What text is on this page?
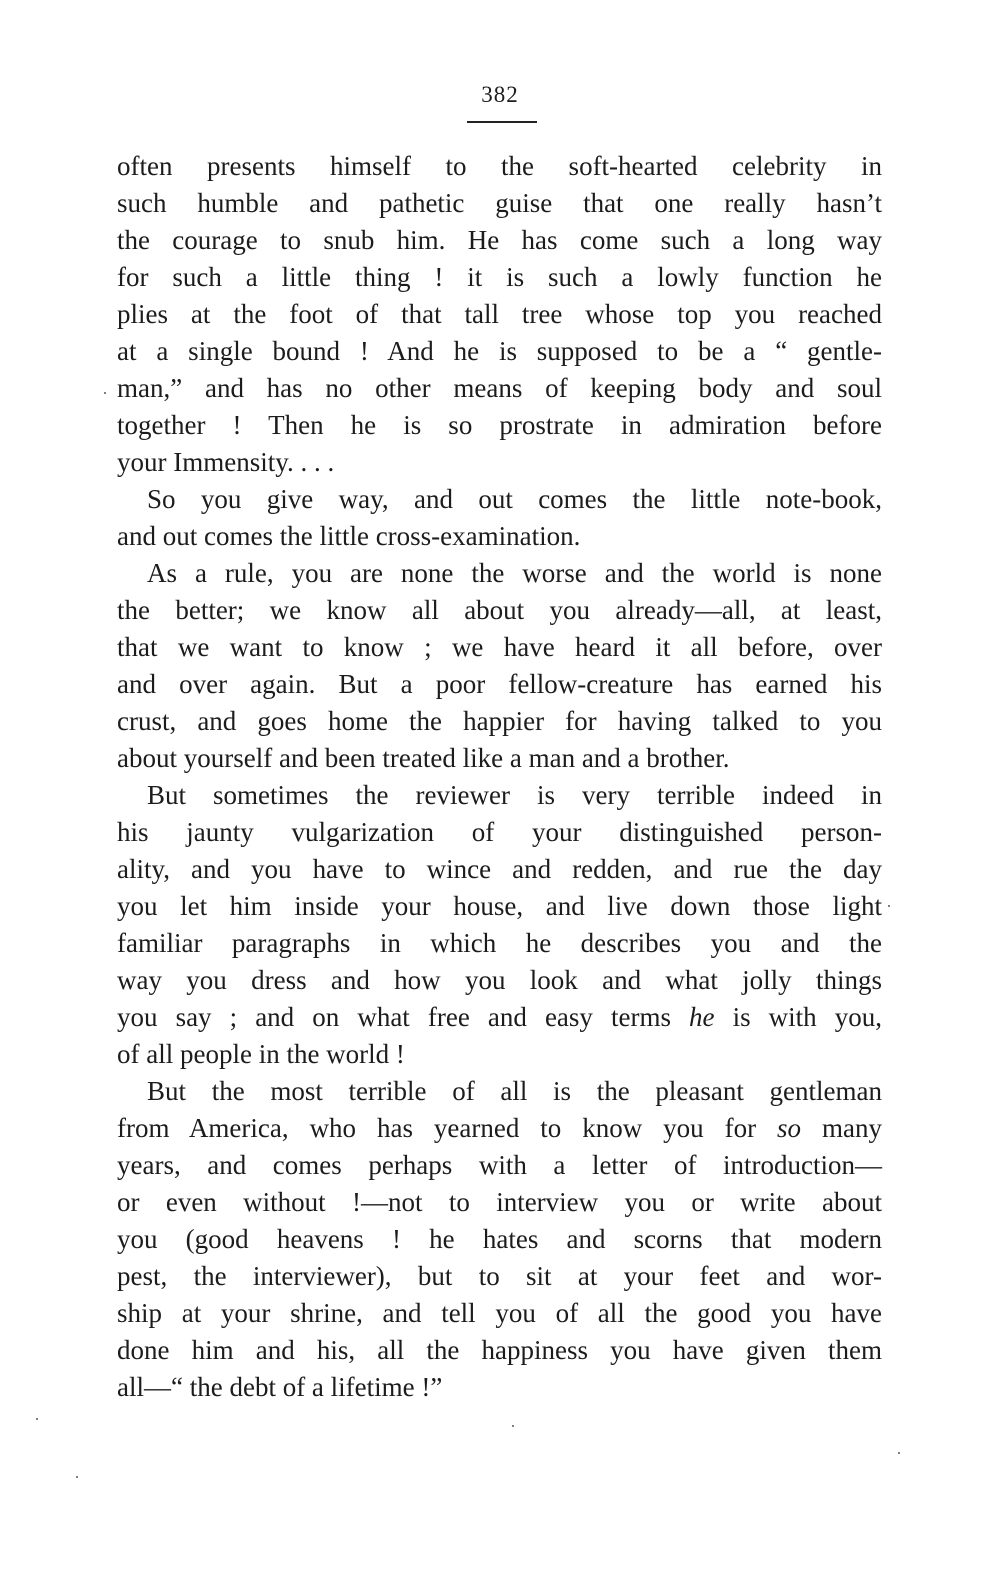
382
often presents himself to the soft-hearted celebrity in
such humble and pathetic guise that one really hasn’t
the courage to snub him. He has come such a long way
for such a little thing ! it is such a lowly function he
plies at the foot of that tall tree whose top you reached
at a single bound ! And he is supposed to be a “ gentle-
man,” and has no other means of keeping body and soul
together ! Then he is so prostrate in admiration before
your Immensity. . . .
So you give way, and out comes the little note-book,
and out comes the little cross-examination.
As a rule, you are none the worse and the world is none
the better; we know all about you already—all, at least,
that we want to know ; we have heard it all before, over
and over again. But a poor fellow-creature has earned his
crust, and goes home the happier for having talked to you
about yourself and been treated like a man and a brother.
But sometimes the reviewer is very terrible indeed in
his jaunty vulgarization of your distinguished person-
ality, and you have to wince and redden, and rue the day
you let him inside your house, and live down those light
familiar paragraphs in which he describes you and the
way you dress and how you look and what jolly things
you say ; and on what free and easy terms he is with you,
of all people in the world !
But the most terrible of all is the pleasant gentleman
from America, who has yearned to know you for so many
years, and comes perhaps with a letter of introduction—
or even without !—not to interview you or write about
you (good heavens ! he hates and scorns that modern
pest, the interviewer), but to sit at your feet and wor-
ship at your shrine, and tell you of all the good you have
done him and his, all the happiness you have given them
all—“ the debt of a lifetime !”
